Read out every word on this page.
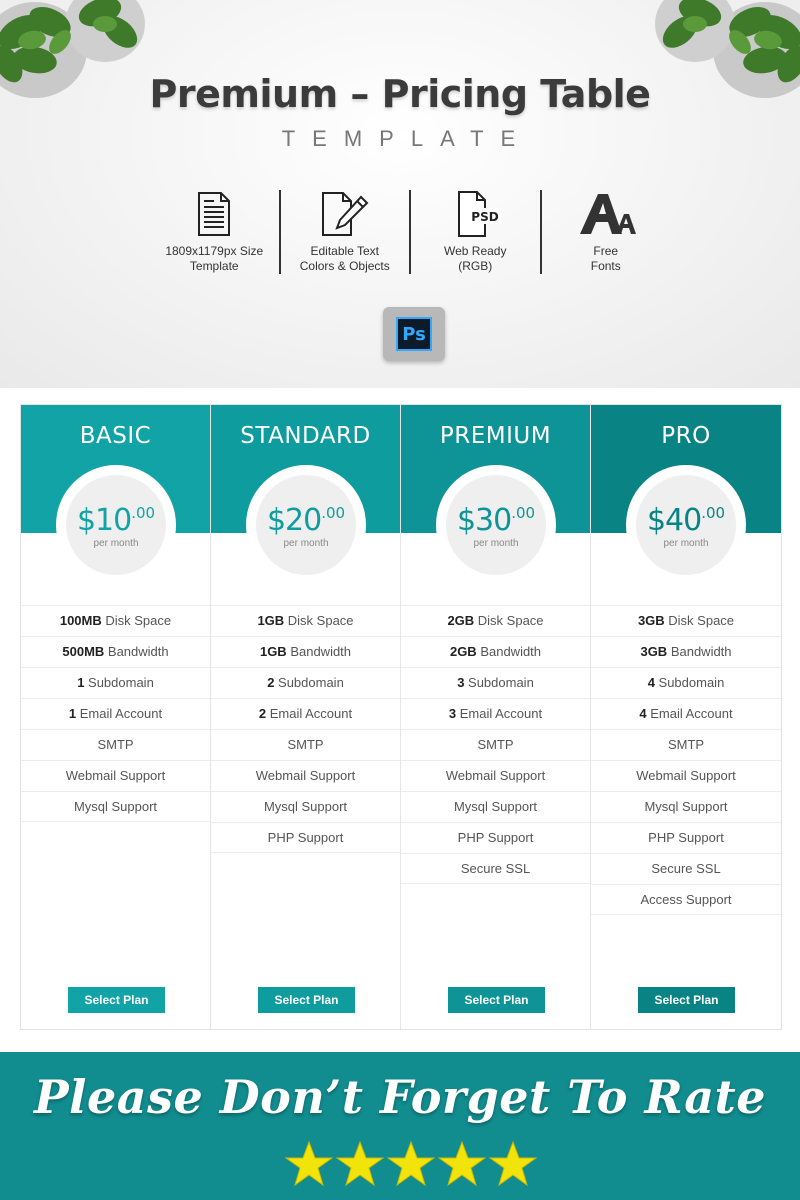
Premium – Pricing Table
TEMPLATE
1809x1179px Size
Template
Editable Text
Colors & Objects
PSD
Web Ready
(RGB)
Free
Fonts
Ps
BASIC
$\$10^{.00}$
per month
100MB Disk Space
500MB Bandwidth
1 Subdomain
1 Email Account
SMTP
Webmail Support
Mysql Support
Select Plan
STANDARD
$\$20^{.00}$
per month
1GB Disk Space
1GB Bandwidth
2 Subdomain
2 Email Account
SMTP
Webmail Support
Mysql Support
PHP Support
Select Plan
PREMIUM
$\$30^{.00}$
per month
2GB Disk Space
2GB Bandwidth
3 Subdomain
3 Email Account
SMTP
Webmail Support
Mysql Support
PHP Support
Secure SSL
Select Plan
PRO
$\$40^{.00}$
per month
3GB Disk Space
3GB Bandwidth
4 Subdomain
4 Email Account
SMTP
Webmail Support
Mysql Support
PHP Support
Secure SSL
Access Support
Select Plan
Please Don’t Forget To Rate
